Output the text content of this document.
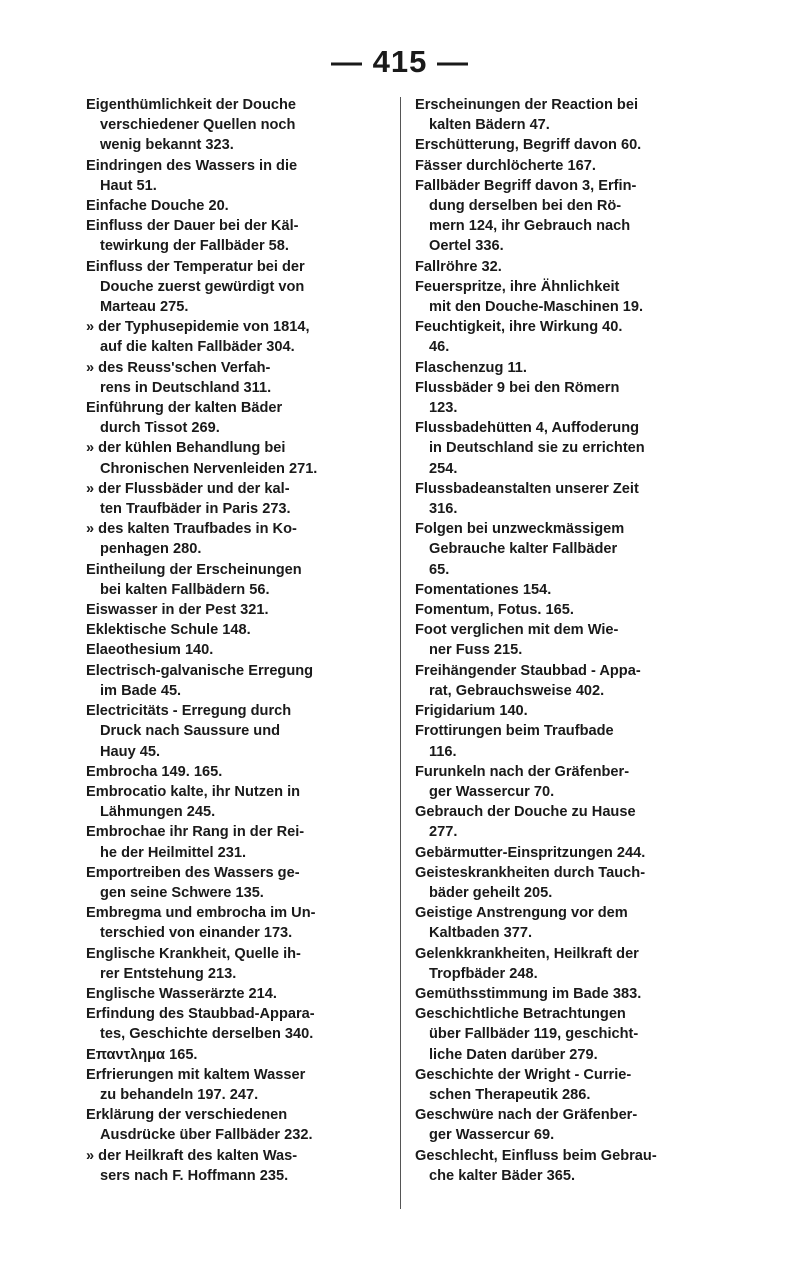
— 415 —

Eigenthümlichkeit der Douche
verschiedener Quellen noch
wenig bekannt 323.

Eindringen des Wassers in die
Haut 51.

Einfache Douche 20.

Einfluss der Dauer bei der Käl-
tewirkung der Fallbäder 58.

Einfluss der Temperatur bei der
Douche zuerst gewürdigt von
Marteau 275.

» der Typhusepidemie von 1814,
auf die kalten Fallbäder 304.

» des Reuss'schen Verfah-
rens in Deutschland 311.

Einführung der kalten Bäder
durch Tissot 269.

» der kühlen Behandlung bei
Chronischen Nervenleiden 271.

» der Flussbäder und der kal-
ten Traufbäder in Paris 273.

» des kalten Traufbades in Ko-
penhagen 280.

Eintheilung der Erscheinungen
bei kalten Fallbädern 56.

Eiswasser in der Pest 321.

Eklektische Schule 148.

Elaeothesium 140.

Electrisch-galvanische Erregung
im Bade 45.

Electricitäts - Erregung durch
Druck nach Saussure und
Hauy 45.

Embrocha 149. 165.

Embrocatio kalte, ihr Nutzen in
Lähmungen 245.

Embrochae ihr Rang in der Rei-
he der Heilmittel 231.

Emportreiben des Wassers ge-
gen seine Schwere 135.

Embregma und embrocha im Un-
terschied von einander 173.

Englische Krankheit, Quelle ih-
rer Entstehung 213.

Englische Wasserärzte 214.

Erfindung des Staubbad-Appara-
tes, Geschichte derselben 340.

Επαντλημα 165.

Erfrierungen mit kaltem Wasser
zu behandeln 197. 247.

Erklärung der verschiedenen
Ausdrücke über Fallbäder 232.

» der Heilkraft des kalten Was-
sers nach F. Hoffmann 235.

Erscheinungen der Reaction bei
kalten Bädern 47.

Erschütterung, Begriff davon 60.

Fässer durchlöcherte 167.

Fallbäder Begriff davon 3, Erfin-
dung derselben bei den Rö-
mern 124, ihr Gebrauch nach
Oertel 336.

Fallröhre 32.

Feuerspritze, ihre Ähnlichkeit
mit den Douche-Maschinen 19.

Feuchtigkeit, ihre Wirkung 40.
46.

Flaschenzug 11.

Flussbäder 9 bei den Römern
123.

Flussbadehütten 4, Auffoderung
in Deutschland sie zu errichten
254.

Flussbadeanstalten unserer Zeit
316.

Folgen bei unzweckmässigem
Gebrauche kalter Fallbäder
65.

Fomentationes 154.

Fomentum, Fotus. 165.

Foot verglichen mit dem Wie-
ner Fuss 215.

Freihängender Staubbad - Appa-
rat, Gebrauchsweise 402.

Frigidarium 140.

Frottirungen beim Traufbade
116.

Furunkeln nach der Gräfenber-
ger Wassercur 70.

Gebrauch der Douche zu Hause
277.

Gebärmutter-Einspritzungen 244.

Geisteskrankheiten durch Tauch-
bäder geheilt 205.

Geistige Anstrengung vor dem
Kaltbaden 377.

Gelenkkrankheiten, Heilkraft der
Tropfbäder 248.

Gemüthsstimmung im Bade 383.

Geschichtliche Betrachtungen
über Fallbäder 119, geschicht-
liche Daten darüber 279.

Geschichte der Wright - Currie-
schen Therapeutik 286.

Geschwüre nach der Gräfenber-
ger Wassercur 69.

Geschlecht, Einfluss beim Gebrau-
che kalter Bäder 365.
